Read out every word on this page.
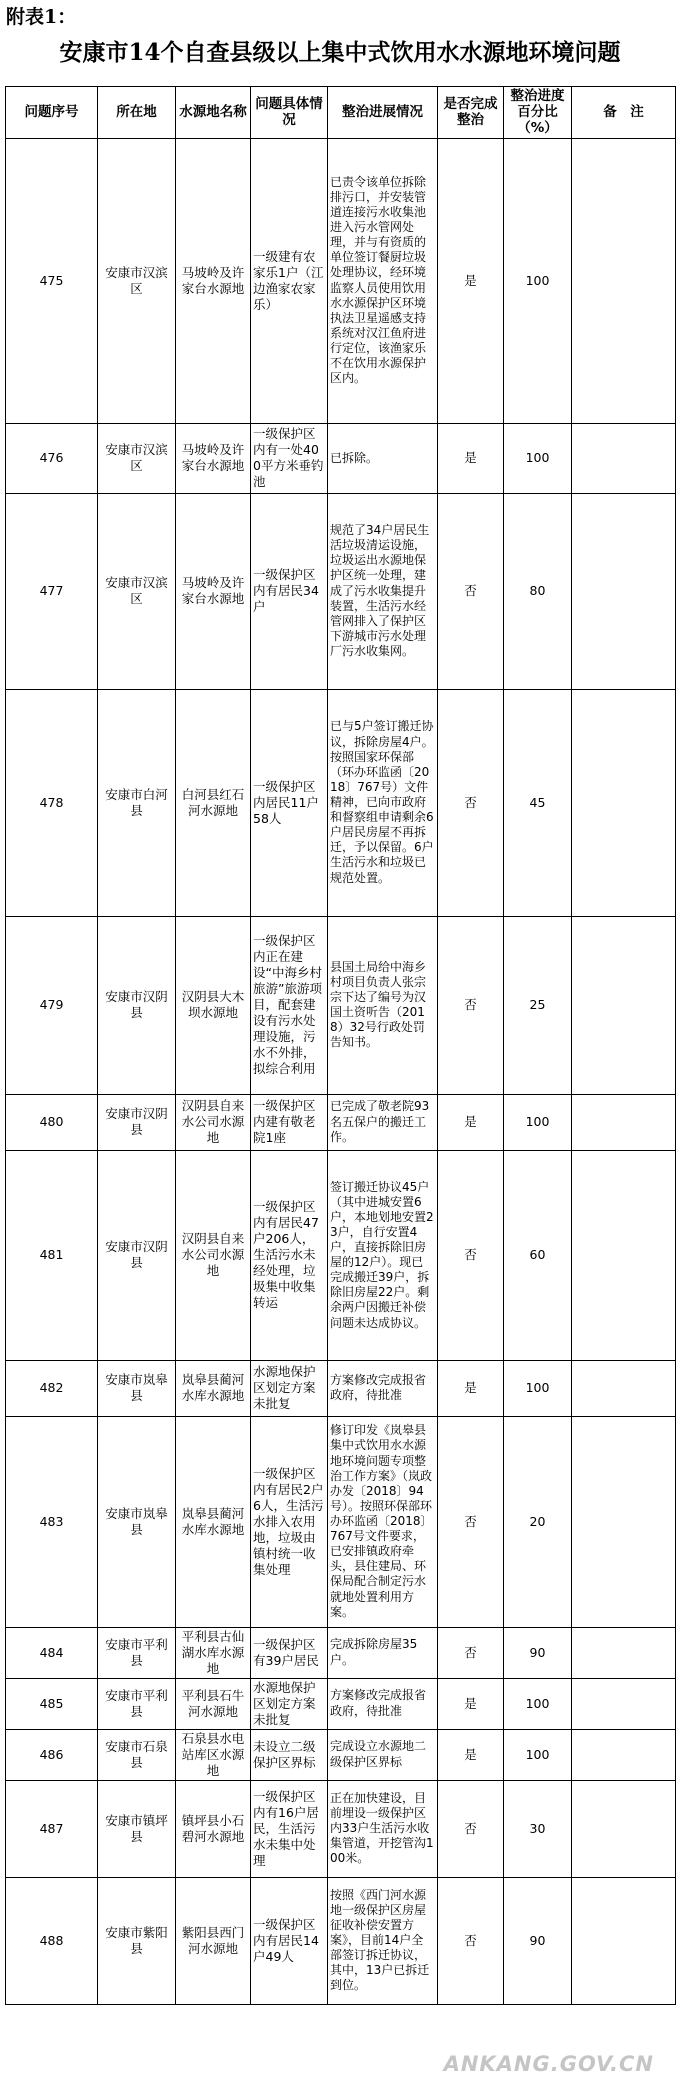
附表1：
安康市14个自查县级以上集中式饮用水水源地环境问题
问题序号	所在地	水源地名称	问题具体情况	整治进展情况	是否完成整治	整治进度百分比（%）	备　注
475	安康市汉滨区	马坡岭及许家台水源地	一级建有农家乐1户（江边渔家农家乐）	已责令该单位拆除排污口，并安装管道连接污水收集池进入污水管网处理，并与有资质的单位签订餐厨垃圾处理协议，经环境监察人员使用饮用水水源保护区环境执法卫星遥感支持系统对汉江鱼府进行定位，该渔家乐不在饮用水源保护区内。	是	100	
476	安康市汉滨区	马坡岭及许家台水源地	一级保护区内有一处400平方米垂钓池	已拆除。	是	100	
477	安康市汉滨区	马坡岭及许家台水源地	一级保护区内有居民34户	规范了34户居民生活垃圾清运设施，垃圾运出水源地保护区统一处理，建成了污水收集提升装置，生活污水经管网排入了保护区下游城市污水处理厂污水收集网。	否	80	
478	安康市白河县	白河县红石河水源地	一级保护区内居民11户58人	已与5户签订搬迁协议，拆除房屋4户。按照国家环保部（环办环监函〔2018〕767号）文件精神，已向市政府和督察组申请剩余6户居民房屋不再拆迁，予以保留。6户生活污水和垃圾已规范处置。	否	45	
479	安康市汉阴县	汉阴县大木坝水源地	一级保护区内正在建设“中海乡村旅游”旅游项目，配套建设有污水处理设施，污水不外排，拟综合利用	县国土局给中海乡村项目负责人张宗宗下达了编号为汉国土资听告（2018）32号行政处罚告知书。	否	25	
480	安康市汉阴县	汉阴县自来水公司水源地	一级保护区内建有敬老院1座	已完成了敬老院93名五保户的搬迁工作。	是	100	
481	安康市汉阴县	汉阴县自来水公司水源地	一级保护区内有居民47户206人，生活污水未经处理，垃圾集中收集转运	签订搬迁协议45户（其中进城安置6户，本地划地安置23户，自行安置4户，直接拆除旧房屋的12户）。现已完成搬迁39户，拆除旧房屋22户。剩余两户因搬迁补偿问题未达成协议。	否	60	
482	安康市岚皋县	岚皋县蔺河水库水源地	水源地保护区划定方案未批复	方案修改完成报省政府，待批准	是	100	
483	安康市岚皋县	岚皋县蔺河水库水源地	一级保护区内有居民2户6人，生活污水排入农用地，垃圾由镇村统一收集处理	修订印发《岚皋县集中式饮用水水源地环境问题专项整治工作方案》（岚政办发〔2018〕94号）。按照环保部环办环监函〔2018〕767号文件要求，已安排镇政府牵头，县住建局、环保局配合制定污水就地处置利用方案。	否	20	
484	安康市平利县	平利县古仙湖水库水源地	一级保护区有39户居民	完成拆除房屋35户。	否	90	
485	安康市平利县	平利县石牛河水源地	水源地保护区划定方案未批复	方案修改完成报省政府，待批准	是	100	
486	安康市石泉县	石泉县水电站库区水源地	未设立二级保护区界标	完成设立水源地二级保护区界标	是	100	
487	安康市镇坪县	镇坪县小石碧河水源地	一级保护区内有16户居民，生活污水未集中处理	正在加快建设，目前埋设一级保护区内33户生活污水收集管道，开挖管沟100米。	否	30	
488	安康市紫阳县	紫阳县西门河水源地	一级保护区内有居民14户49人	按照《西门河水源地一级保护区房屋征收补偿安置方案》，目前14户全部签订拆迁协议，其中，13户已拆迁到位。	否	90	
ANKANG.GOV.CN
